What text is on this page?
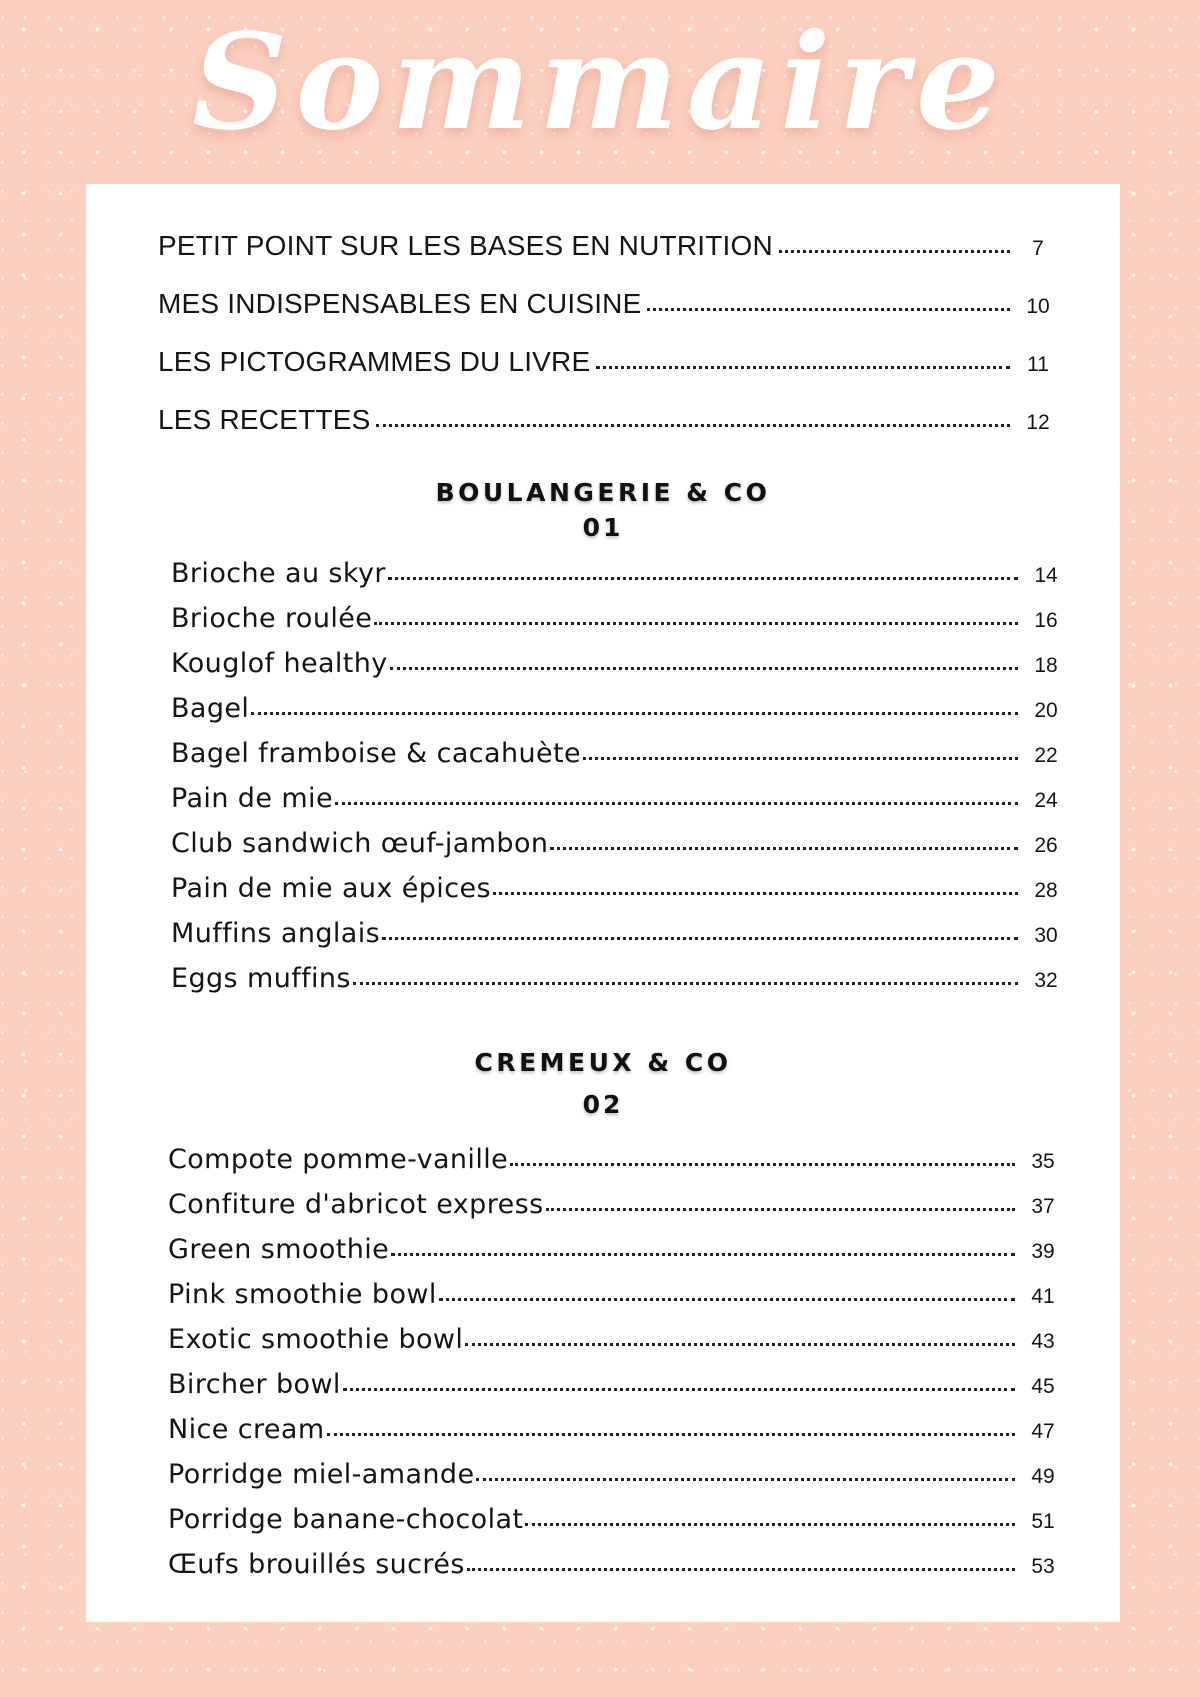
Sommaire
PETIT POINT SUR LES BASES EN NUTRITION	7
MES INDISPENSABLES EN CUISINE	10
LES PICTOGRAMMES DU LIVRE	11
LES RECETTES	12
BOULANGERIE & CO
01
Brioche au skyr	14
Brioche roulée	16
Kouglof healthy	18
Bagel	20
Bagel framboise & cacahuète	22
Pain de mie	24
Club sandwich œuf-jambon	26
Pain de mie aux épices	28
Muffins anglais	30
Eggs muffins	32
CREMEUX & CO
02
Compote pomme-vanille	35
Confiture d'abricot express	37
Green smoothie	39
Pink smoothie bowl	41
Exotic smoothie bowl	43
Bircher bowl	45
Nice cream	47
Porridge miel-amande	49
Porridge banane-chocolat	51
Œufs brouillés sucrés	53
